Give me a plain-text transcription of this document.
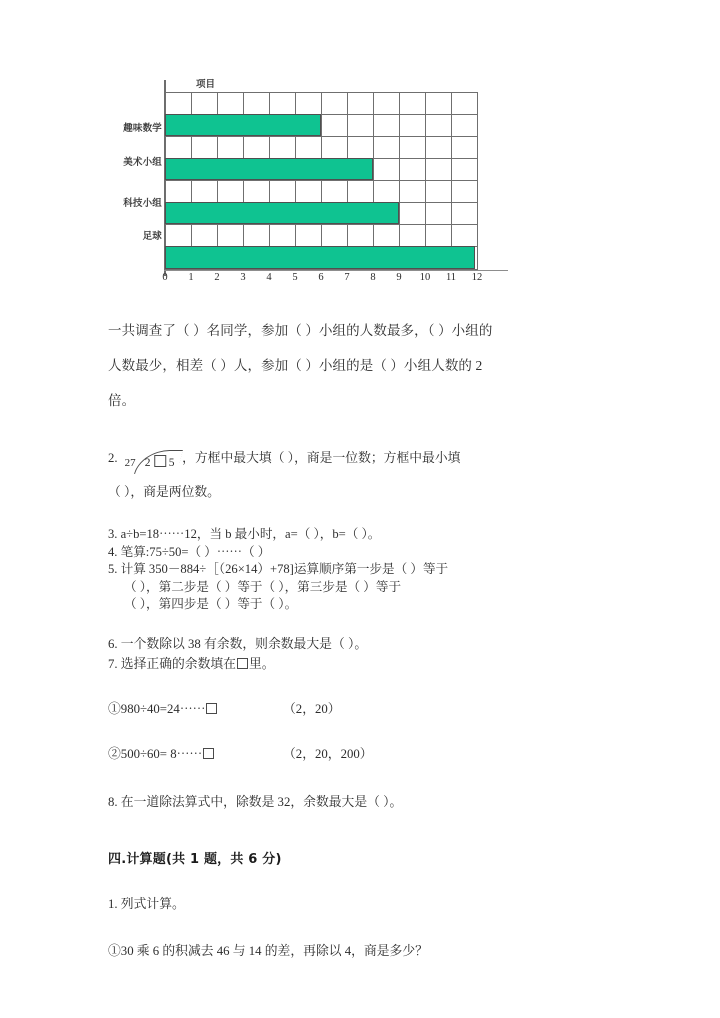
项目
趣味数学
美术小组
科技小组
足球
0 1 2 3 4 5 6 7 8 9 10 11 12
一共调查了（ ）名同学，参加（ ）小组的人数最多，（ ）小组的
人数最少，相差（ ）人，参加（ ）小组的是（ ）小组人数的 2
倍。
2. 27 2 5 ，方框中最大填（ ），商是一位数；方框中最小填
（ ），商是两位数。
3. a÷b=18⋯⋯12，当 b 最小时，a=（ ），b=（ ）。
4. 笔算:75÷50=（ ）⋯⋯（ ）
5. 计算 350－884÷［（26×14）+78]运算顺序第一步是（ ）等于
（ ），第二步是（ ）等于（ ），第三步是（ ）等于
（ ），第四步是（ ）等于（ ）。
6. 一个数除以 38 有余数，则余数最大是（ ）。
7. 选择正确的余数填在 里。
①980÷40=24⋯⋯	（2，20）
②500÷60= 8⋯⋯	（2，20，200）
8. 在一道除法算式中，除数是 32，余数最大是（ ）。
四.计算题(共 1 题，共 6 分)
1. 列式计算。
①30 乘 6 的积减去 46 与 14 的差，再除以 4，商是多少？
